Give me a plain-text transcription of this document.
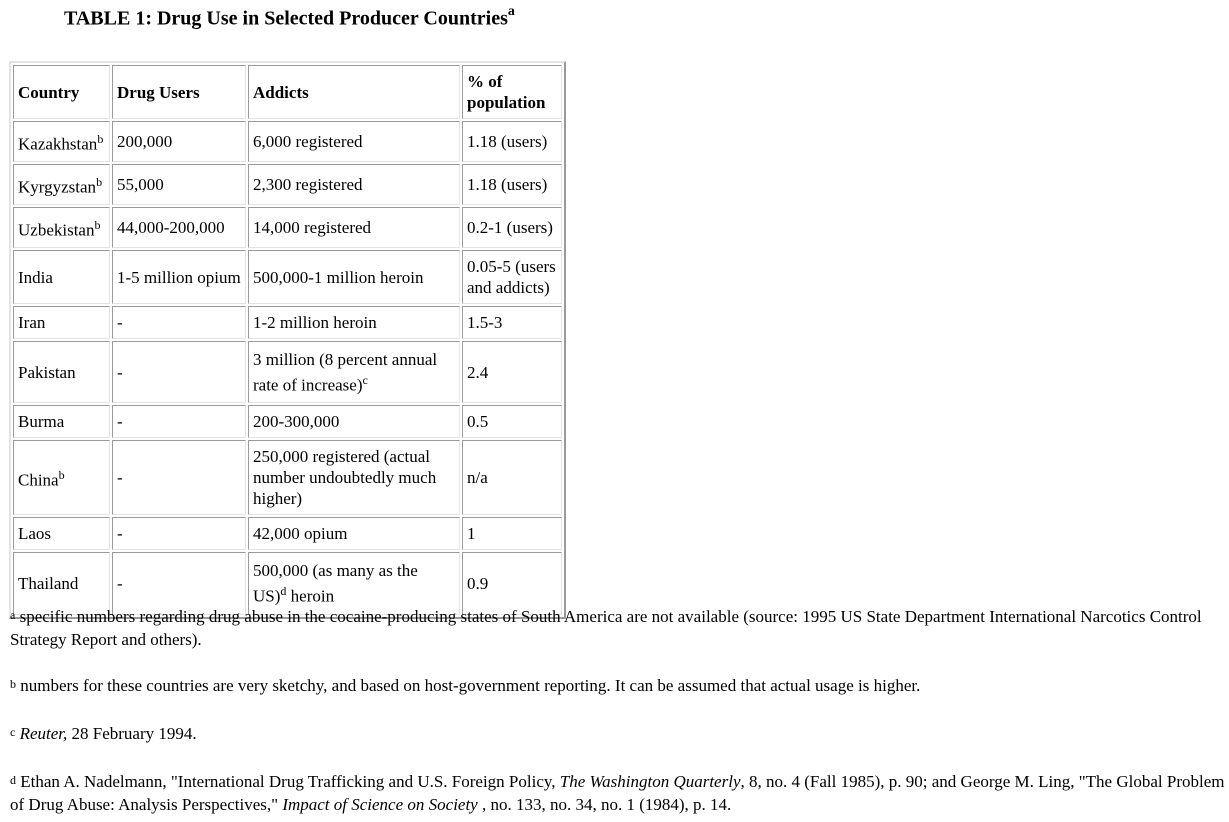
TABLE 1: Drug Use in Selected Producer Countries$^a$
Country	Drug Users	Addicts	% of population
Kazakhstan$^b$	200,000	6,000 registered	1.18 (users)
Kyrgyzstan$^b$	55,000	2,300 registered	1.18 (users)
Uzbekistan$^b$	44,000-200,000	14,000 registered	0.2-1 (users)
India	1-5 million opium	500,000-1 million heroin	0.05-5 (users and addicts)
Iran	-	1-2 million heroin	1.5-3
Pakistan	-	3 million (8 percent annual rate of increase)$^c$	2.4
Burma	-	200-300,000	0.5
China$^b$	-	250,000 registered (actual number undoubtedly much higher)	n/a
Laos	-	42,000 opium	1
Thailand	-	500,000 (as many as the US)$^d$ heroin	0.9
$^a$ specific numbers regarding drug abuse in the cocaine-producing states of South America are not available (source: 1995 US State Department International Narcotics Control Strategy Report and others).
$^b$ numbers for these countries are very sketchy, and based on host-government reporting. It can be assumed that actual usage is higher.
$^c$ Reuter, 28 February 1994.
$^d$ Ethan A. Nadelmann, "International Drug Trafficking and U.S. Foreign Policy, The Washington Quarterly, 8, no. 4 (Fall 1985), p. 90; and George M. Ling, "The Global Problem of Drug Abuse: Analysis Perspectives," Impact of Science on Society , no. 133, no. 34, no. 1 (1984), p. 14.
